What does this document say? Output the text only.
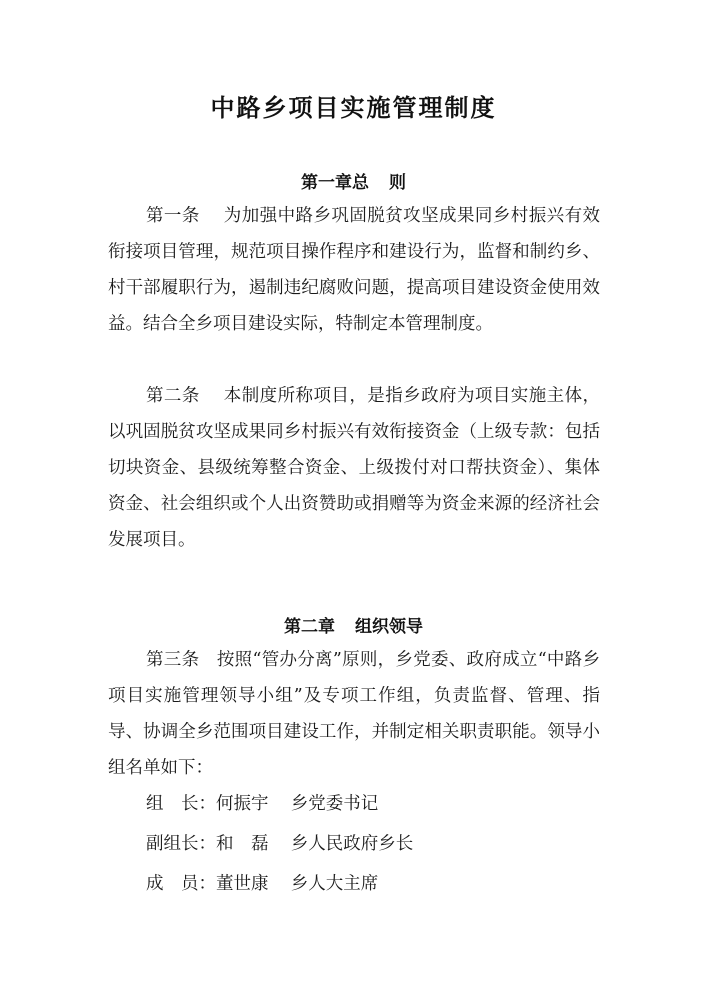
中路乡项目实施管理制度
第一章总 则
第一条    为加强中路乡巩固脱贫攻坚成果同乡村振兴有效衔接项目管理，规范项目操作程序和建设行为，监督和制约乡、村干部履职行为，遏制违纪腐败问题，提高项目建设资金使用效益。结合全乡项目建设实际，特制定本管理制度。
第二条    本制度所称项目，是指乡政府为项目实施主体，以巩固脱贫攻坚成果同乡村振兴有效衔接资金（上级专款：包括切块资金、县级统筹整合资金、上级拨付对口帮扶资金）、集体资金、社会组织或个人出资赞助或捐赠等为资金来源的经济社会发展项目。
第二章 组织领导
第三条   按照“管办分离”原则，乡党委、政府成立“中路乡项目实施管理领导小组”及专项工作组，负责监督、管理、指导、协调全乡范围项目建设工作，并制定相关职责职能。领导小组名单如下：
组　长：何振宇 乡党委书记
副组长：和　磊 乡人民政府乡长
成　员：董世康 乡人大主席
